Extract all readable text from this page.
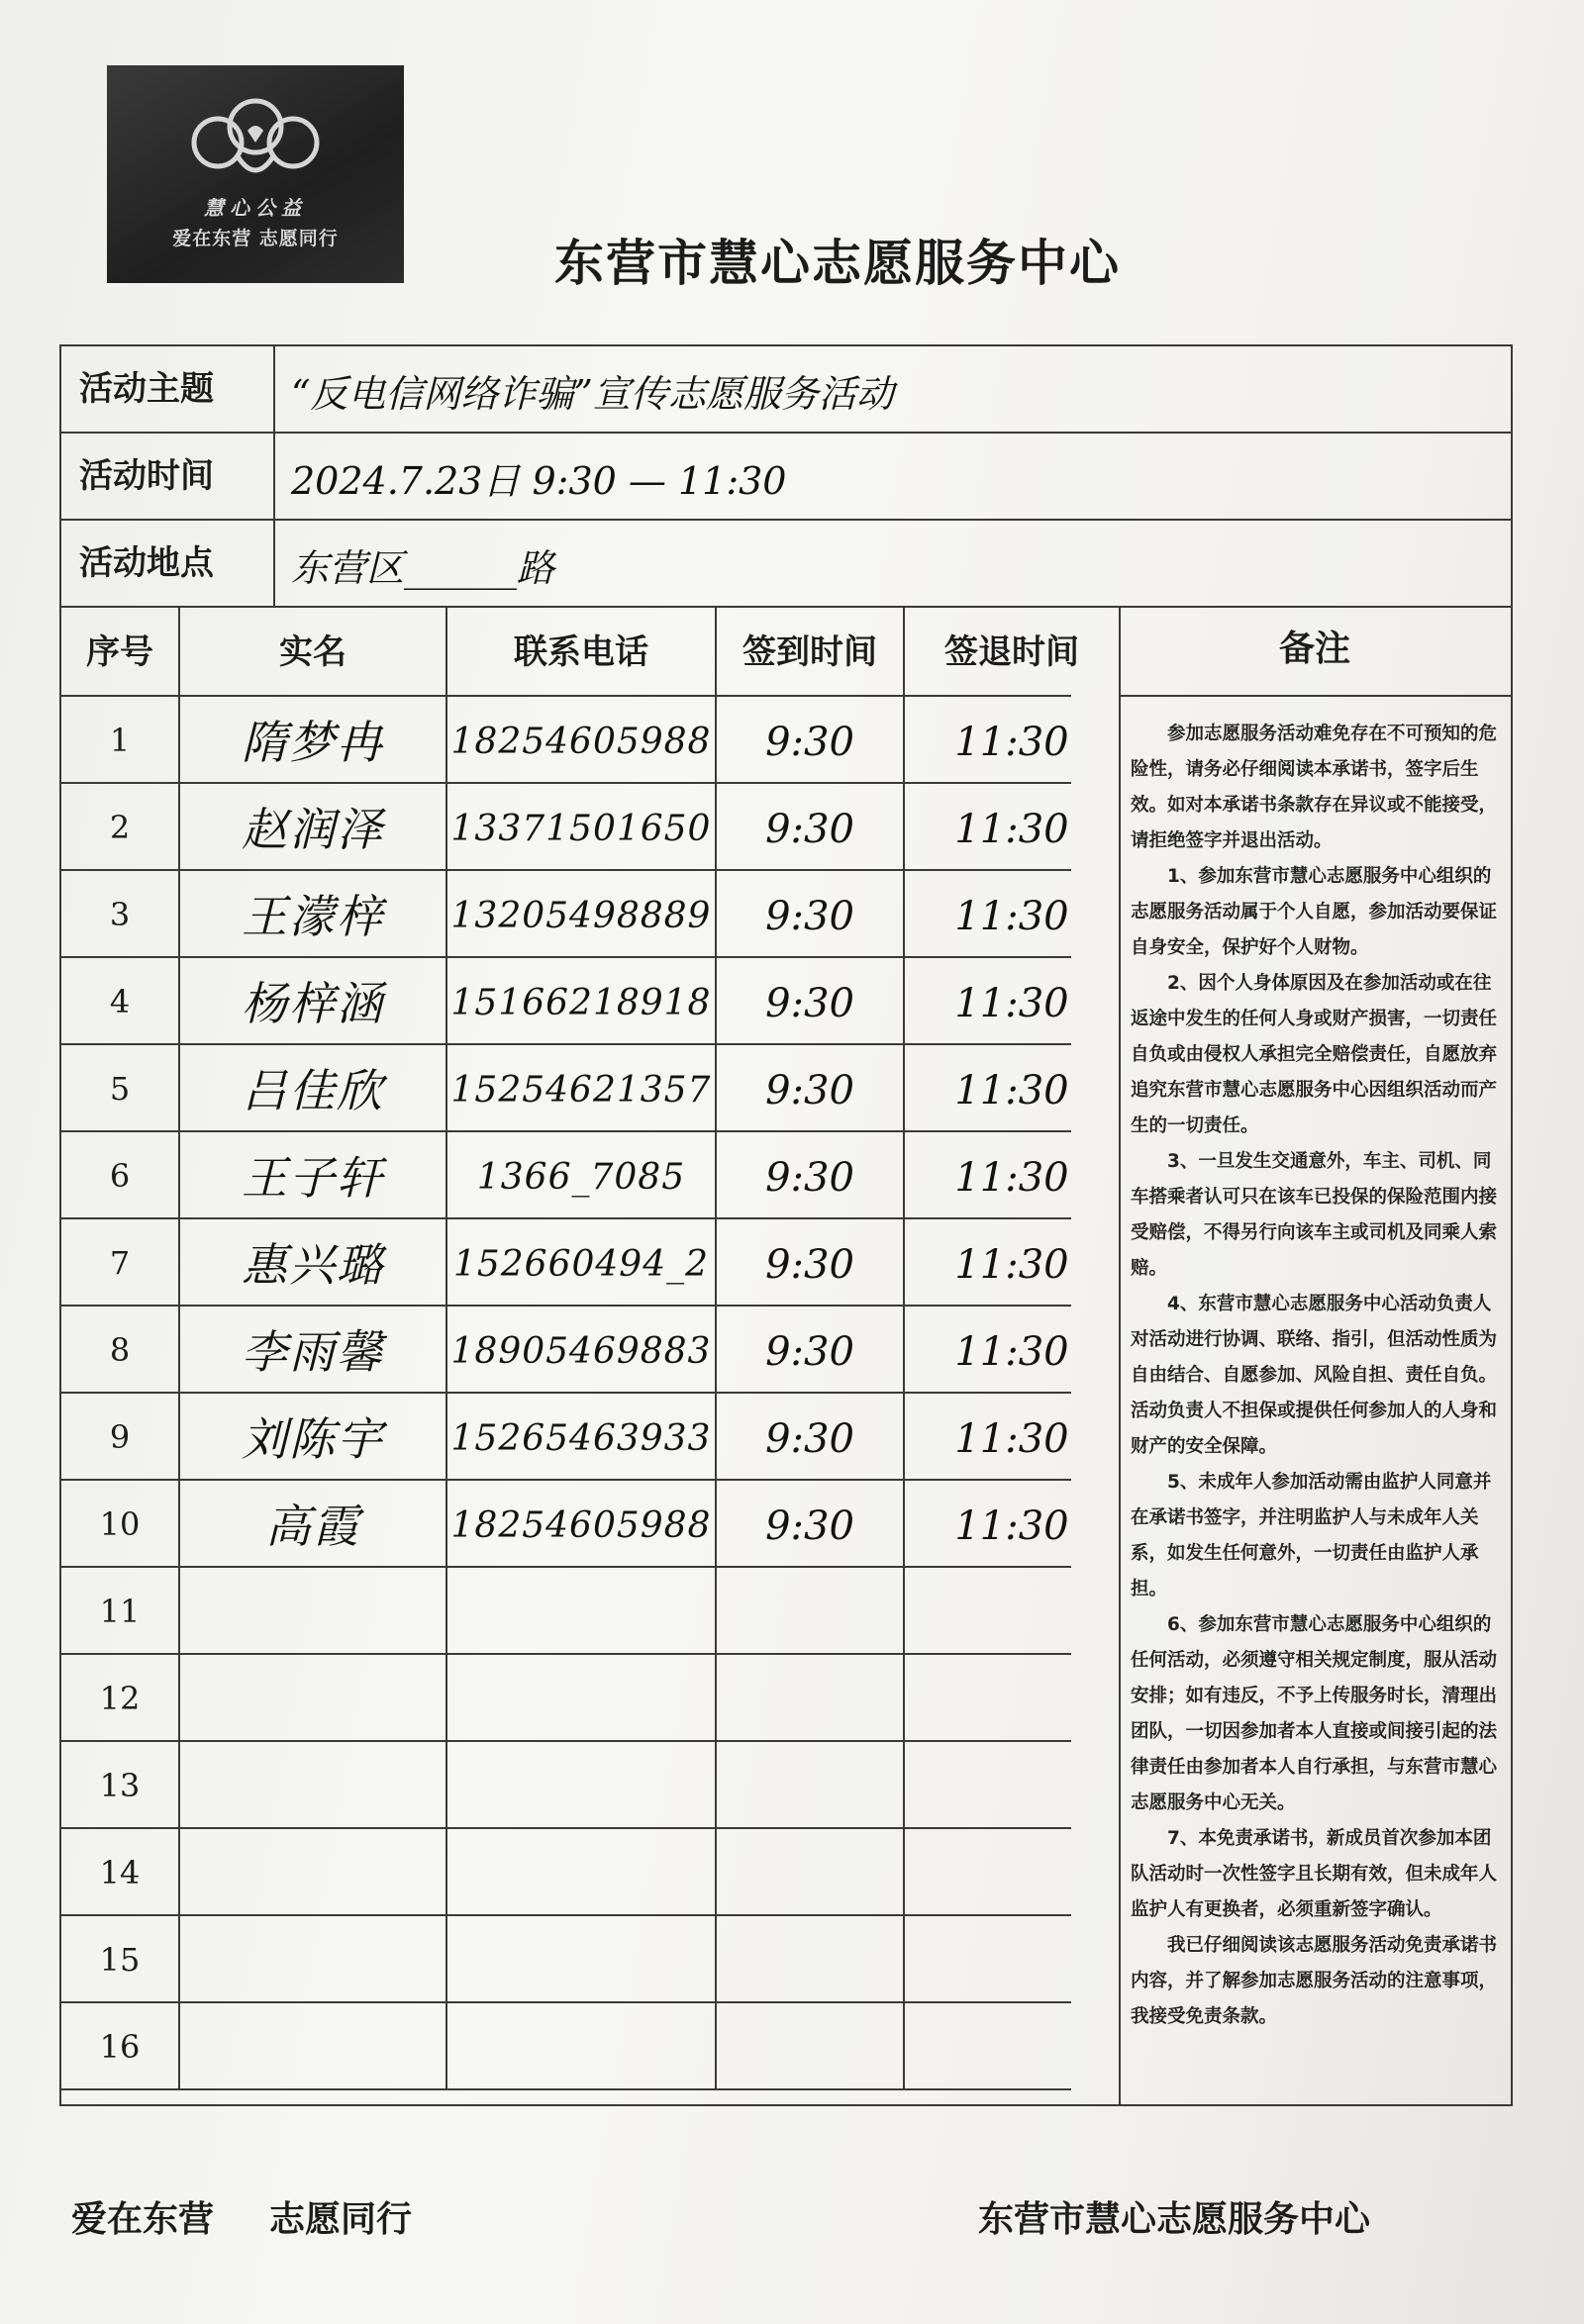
慧心公益
爱在东营 志愿同行	东营市慧心志愿服务中心
活动主题	“反电信网络诈骗”宣传志愿服务活动
活动时间	2024.7.23日 9:30 — 11:30
活动地点	东营区______路
序号	实名	联系电话	签到时间	签退时间
1	隋梦冉	18254605988	9:30	11:30
2	赵润泽	13371501650	9:30	11:30
3	王濛梓	13205498889	9:30	11:30
4	杨梓涵	15166218918	9:30	11:30
5	吕佳欣	15254621357	9:30	11:30
6	王子轩	1366_7085	9:30	11:30
7	惠兴璐	152660494_2	9:30	11:30
8	李雨馨	18905469883	9:30	11:30
9	刘陈宇	15265463933	9:30	11:30
10	高霞	18254605988	9:30	11:30
11
12
13
14
15
16
备注

参加志愿服务活动难免存在不可预知的危险性，请务必仔细阅读本承诺书，签字后生效。如对本承诺书条款存在异议或不能接受，请拒绝签字并退出活动。

1、参加东营市慧心志愿服务中心组织的志愿服务活动属于个人自愿，参加活动要保证自身安全，保护好个人财物。

2、因个人身体原因及在参加活动或在往返途中发生的任何人身或财产损害，一切责任自负或由侵权人承担完全赔偿责任，自愿放弃追究东营市慧心志愿服务中心因组织活动而产生的一切责任。

3、一旦发生交通意外，车主、司机、同车搭乘者认可只在该车已投保的保险范围内接受赔偿，不得另行向该车主或司机及同乘人索赔。

4、东营市慧心志愿服务中心活动负责人对活动进行协调、联络、指引，但活动性质为自由结合、自愿参加、风险自担、责任自负。活动负责人不担保或提供任何参加人的人身和财产的安全保障。

5、未成年人参加活动需由监护人同意并在承诺书签字，并注明监护人与未成年人关系，如发生任何意外，一切责任由监护人承担。

6、参加东营市慧心志愿服务中心组织的任何活动，必须遵守相关规定制度，服从活动安排；如有违反，不予上传服务时长，清理出团队，一切因参加者本人直接或间接引起的法律责任由参加者本人自行承担，与东营市慧心志愿服务中心无关。

7、本免责承诺书，新成员首次参加本团队活动时一次性签字且长期有效，但未成年人监护人有更换者，必须重新签字确认。

我已仔细阅读该志愿服务活动免责承诺书内容，并了解参加志愿服务活动的注意事项，我接受免责条款。

爱在东营 志愿同行	东营市慧心志愿服务中心
